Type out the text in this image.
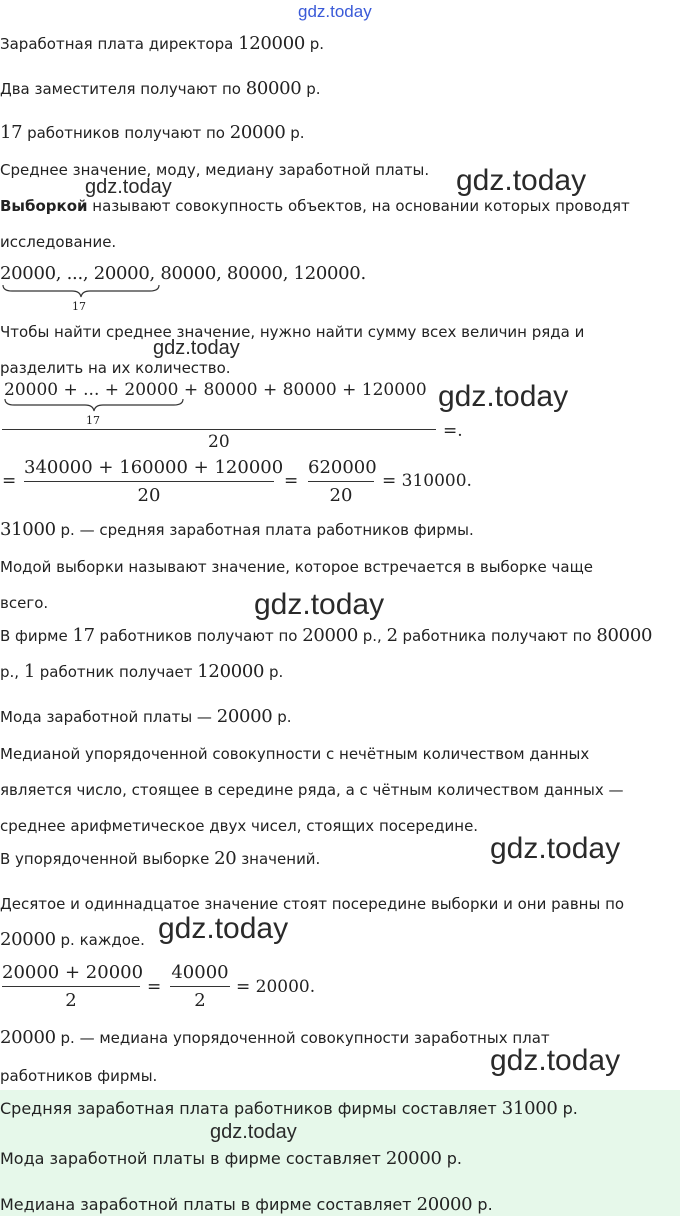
gdz.today
Заработная плата директора 120000 р.
Два заместителя получают по 80000 р.
17 работников получают по 20000 р.
Среднее значение, моду, медиану заработной платы.
Выборкой называют совокупность объектов, на основании которых проводят
исследование.
20000, ..., 20000, 80000, 80000, 120000.
17
Чтобы найти среднее значение, нужно найти сумму всех величин ряда и
разделить на их количество.
20000 + ... + 20000 + 80000 + 80000 + 120000
17
20
=.
=
340000 + 160000 + 120000
20
=
620000
20
= 310000.
31000 р. — средняя заработная плата работников фирмы.
Модой выборки называют значение, которое встречается в выборке чаще
всего.
В фирме 17 работников получают по 20000 р., 2 работника получают по 80000
р., 1 работник получает 120000 р.
Мода заработной платы — 20000 р.
Медианой упорядоченной совокупности с нечётным количеством данных
является число, стоящее в середине ряда, а с чётным количеством данных —
среднее арифметическое двух чисел, стоящих посередине.
В упорядоченной выборке 20 значений.
Десятое и одиннадцатое значение стоят посередине выборки и они равны по
20000 р. каждое.
20000 + 20000
2
=
40000
2
= 20000.
20000 р. — медиана упорядоченной совокупности заработных плат
работников фирмы.
Средняя заработная плата работников фирмы составляет 31000 р.
Мода заработной платы в фирме составляет 20000 р.
Медиана заработной платы в фирме составляет 20000 р.
gdz.today	gdz.today
gdz.today
gdz.today
gdz.today
gdz.today
gdz.today
gdz.today
gdz.today
